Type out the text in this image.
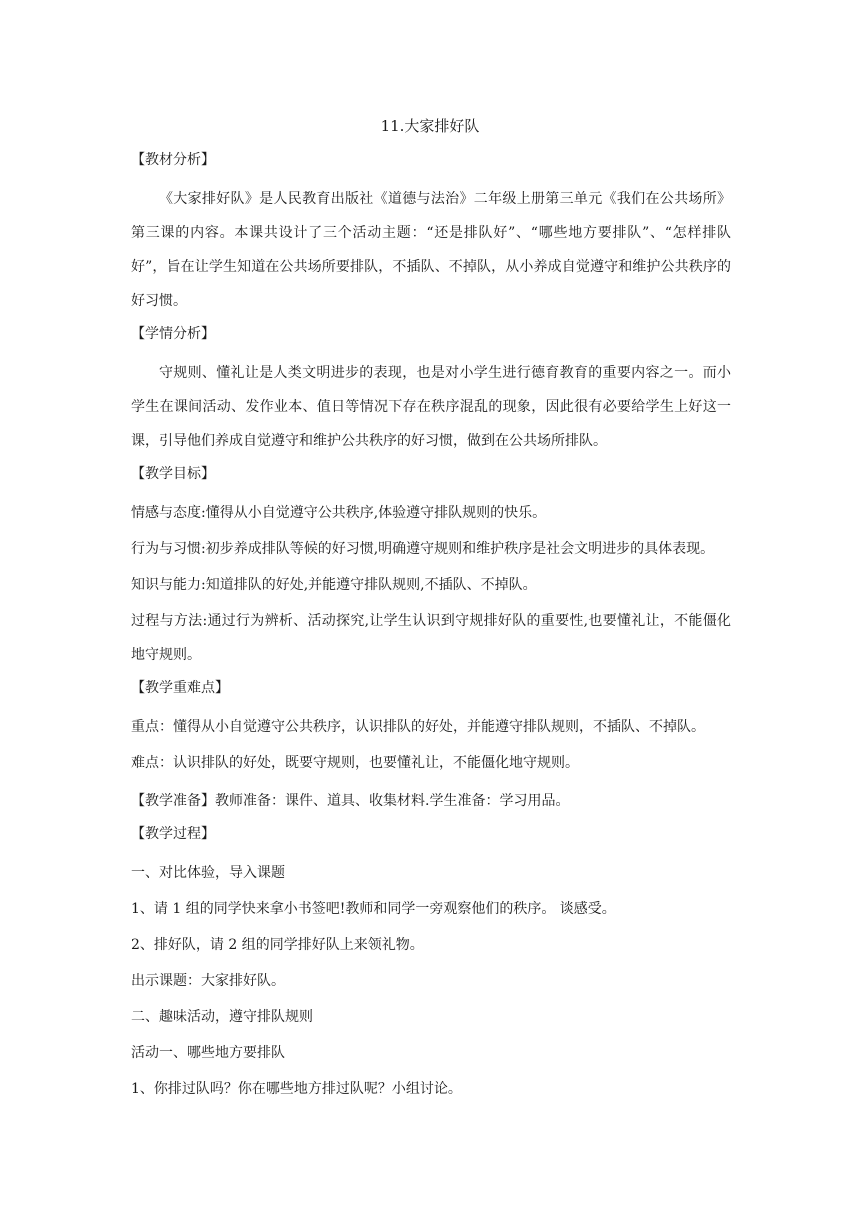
11.大家排好队

【教材分析】

《大家排好队》是人民教育出版社《道德与法治》二年级上册第三单元《我们在公共场所》第三课的内容。本课共设计了三个活动主题：“还是排队好”、“哪些地方要排队”、“怎样排队好”，旨在让学生知道在公共场所要排队，不插队、不掉队，从小养成自觉遵守和维护公共秩序的好习惯。

【学情分析】

守规则、懂礼让是人类文明进步的表现，也是对小学生进行德育教育的重要内容之一。而小学生在课间活动、发作业本、值日等情况下存在秩序混乱的现象，因此很有必要给学生上好这一课，引导他们养成自觉遵守和维护公共秩序的好习惯，做到在公共场所排队。

【教学目标】

情感与态度:懂得从小自觉遵守公共秩序,体验遵守排队规则的快乐。

行为与习惯:初步养成排队等候的好习惯,明确遵守规则和维护秩序是社会文明进步的具体表现。

知识与能力:知道排队的好处,并能遵守排队规则,不插队、不掉队。

过程与方法:通过行为辨析、活动探究,让学生认识到守规排好队的重要性,也要懂礼让，不能僵化地守规则。

【教学重难点】

重点：懂得从小自觉遵守公共秩序，认识排队的好处，并能遵守排队规则，不插队、不掉队。

难点：认识排队的好处，既要守规则，也要懂礼让，不能僵化地守规则。

【教学准备】教师准备：课件、道具、收集材料.学生准备：学习用品。

【教学过程】

一、对比体验，导入课题

1、请 1 组的同学快来拿小书签吧!教师和同学一旁观察他们的秩序。 谈感受。

2、排好队，请 2 组的同学排好队上来领礼物。

出示课题：大家排好队。

二、趣味活动，遵守排队规则

活动一、哪些地方要排队

1、你排过队吗？你在哪些地方排过队呢？小组讨论。
